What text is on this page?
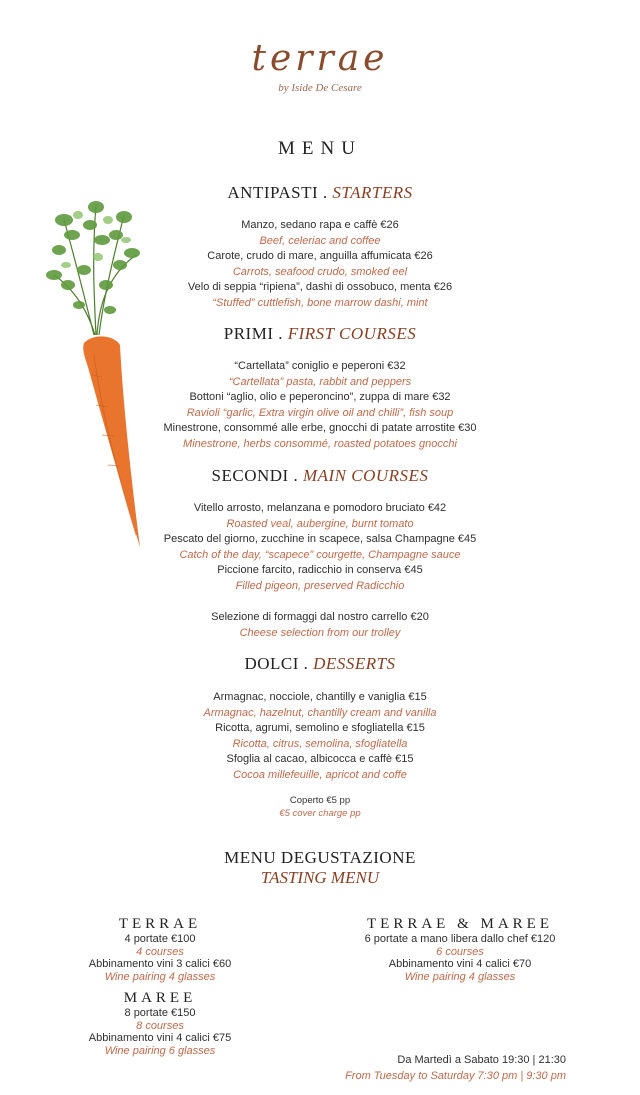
terrae
by Iside De Cesare
MENU
ANTIPASTI . STARTERS
Manzo, sedano rapa e caffè €26
Beef, celeriac and coffee
Carote, crudo di mare, anguilla affumicata €26
Carrots, seafood crudo, smoked eel
Velo di seppia “ripiena”, dashi di ossobuco, menta €26
“Stuffed” cuttlefish, bone marrow dashi, mint
PRIMI . FIRST COURSES
“Cartellata” coniglio e peperoni €32
“Cartellata” pasta, rabbit and peppers
Bottoni “aglio, olio e peperoncino”, zuppa di mare €32
Ravioli “garlic, Extra virgin olive oil and chilli”, fish soup
Minestrone, consommé alle erbe, gnocchi di patate arrostite €30
Minestrone, herbs consommé, roasted potatoes gnocchi
SECONDI . MAIN COURSES
Vitello arrosto, melanzana e pomodoro bruciato €42
Roasted veal, aubergine, burnt tomato
Pescato del giorno, zucchine in scapece, salsa Champagne €45
Catch of the day, “scapece” courgette, Champagne sauce
Piccione farcito, radicchio in conserva €45
Filled pigeon, preserved Radicchio
Selezione di formaggi dal nostro carrello €20
Cheese selection from our trolley
DOLCI . DESSERTS
Armagnac, nocciole, chantilly e vaniglia €15
Armagnac, hazelnut, chantilly cream and vanilla
Ricotta, agrumi, semolino e sfogliatella €15
Ricotta, citrus, semolina, sfogliatella
Sfoglia al cacao, albicocca e caffè €15
Cocoa millefeuille, apricot and coffe
Coperto €5 pp
€5 cover charge pp
MENU DEGUSTAZIONE
TASTING MENU
TERRAE
4 portate €100
4 courses
Abbinamento vini 3 calici €60
Wine pairing 4 glasses
MAREE
8 portate €150
8 courses
Abbinamento vini 4 calici €75
Wine pairing 6 glasses
TERRAE & MAREE
6 portate a mano libera dallo chef €120
6 courses
Abbinamento vini 4 calici €70
Wine pairing 4 glasses
Da Martedì a Sabato 19:30 | 21:30
From Tuesday to Saturday 7:30 pm | 9:30 pm
